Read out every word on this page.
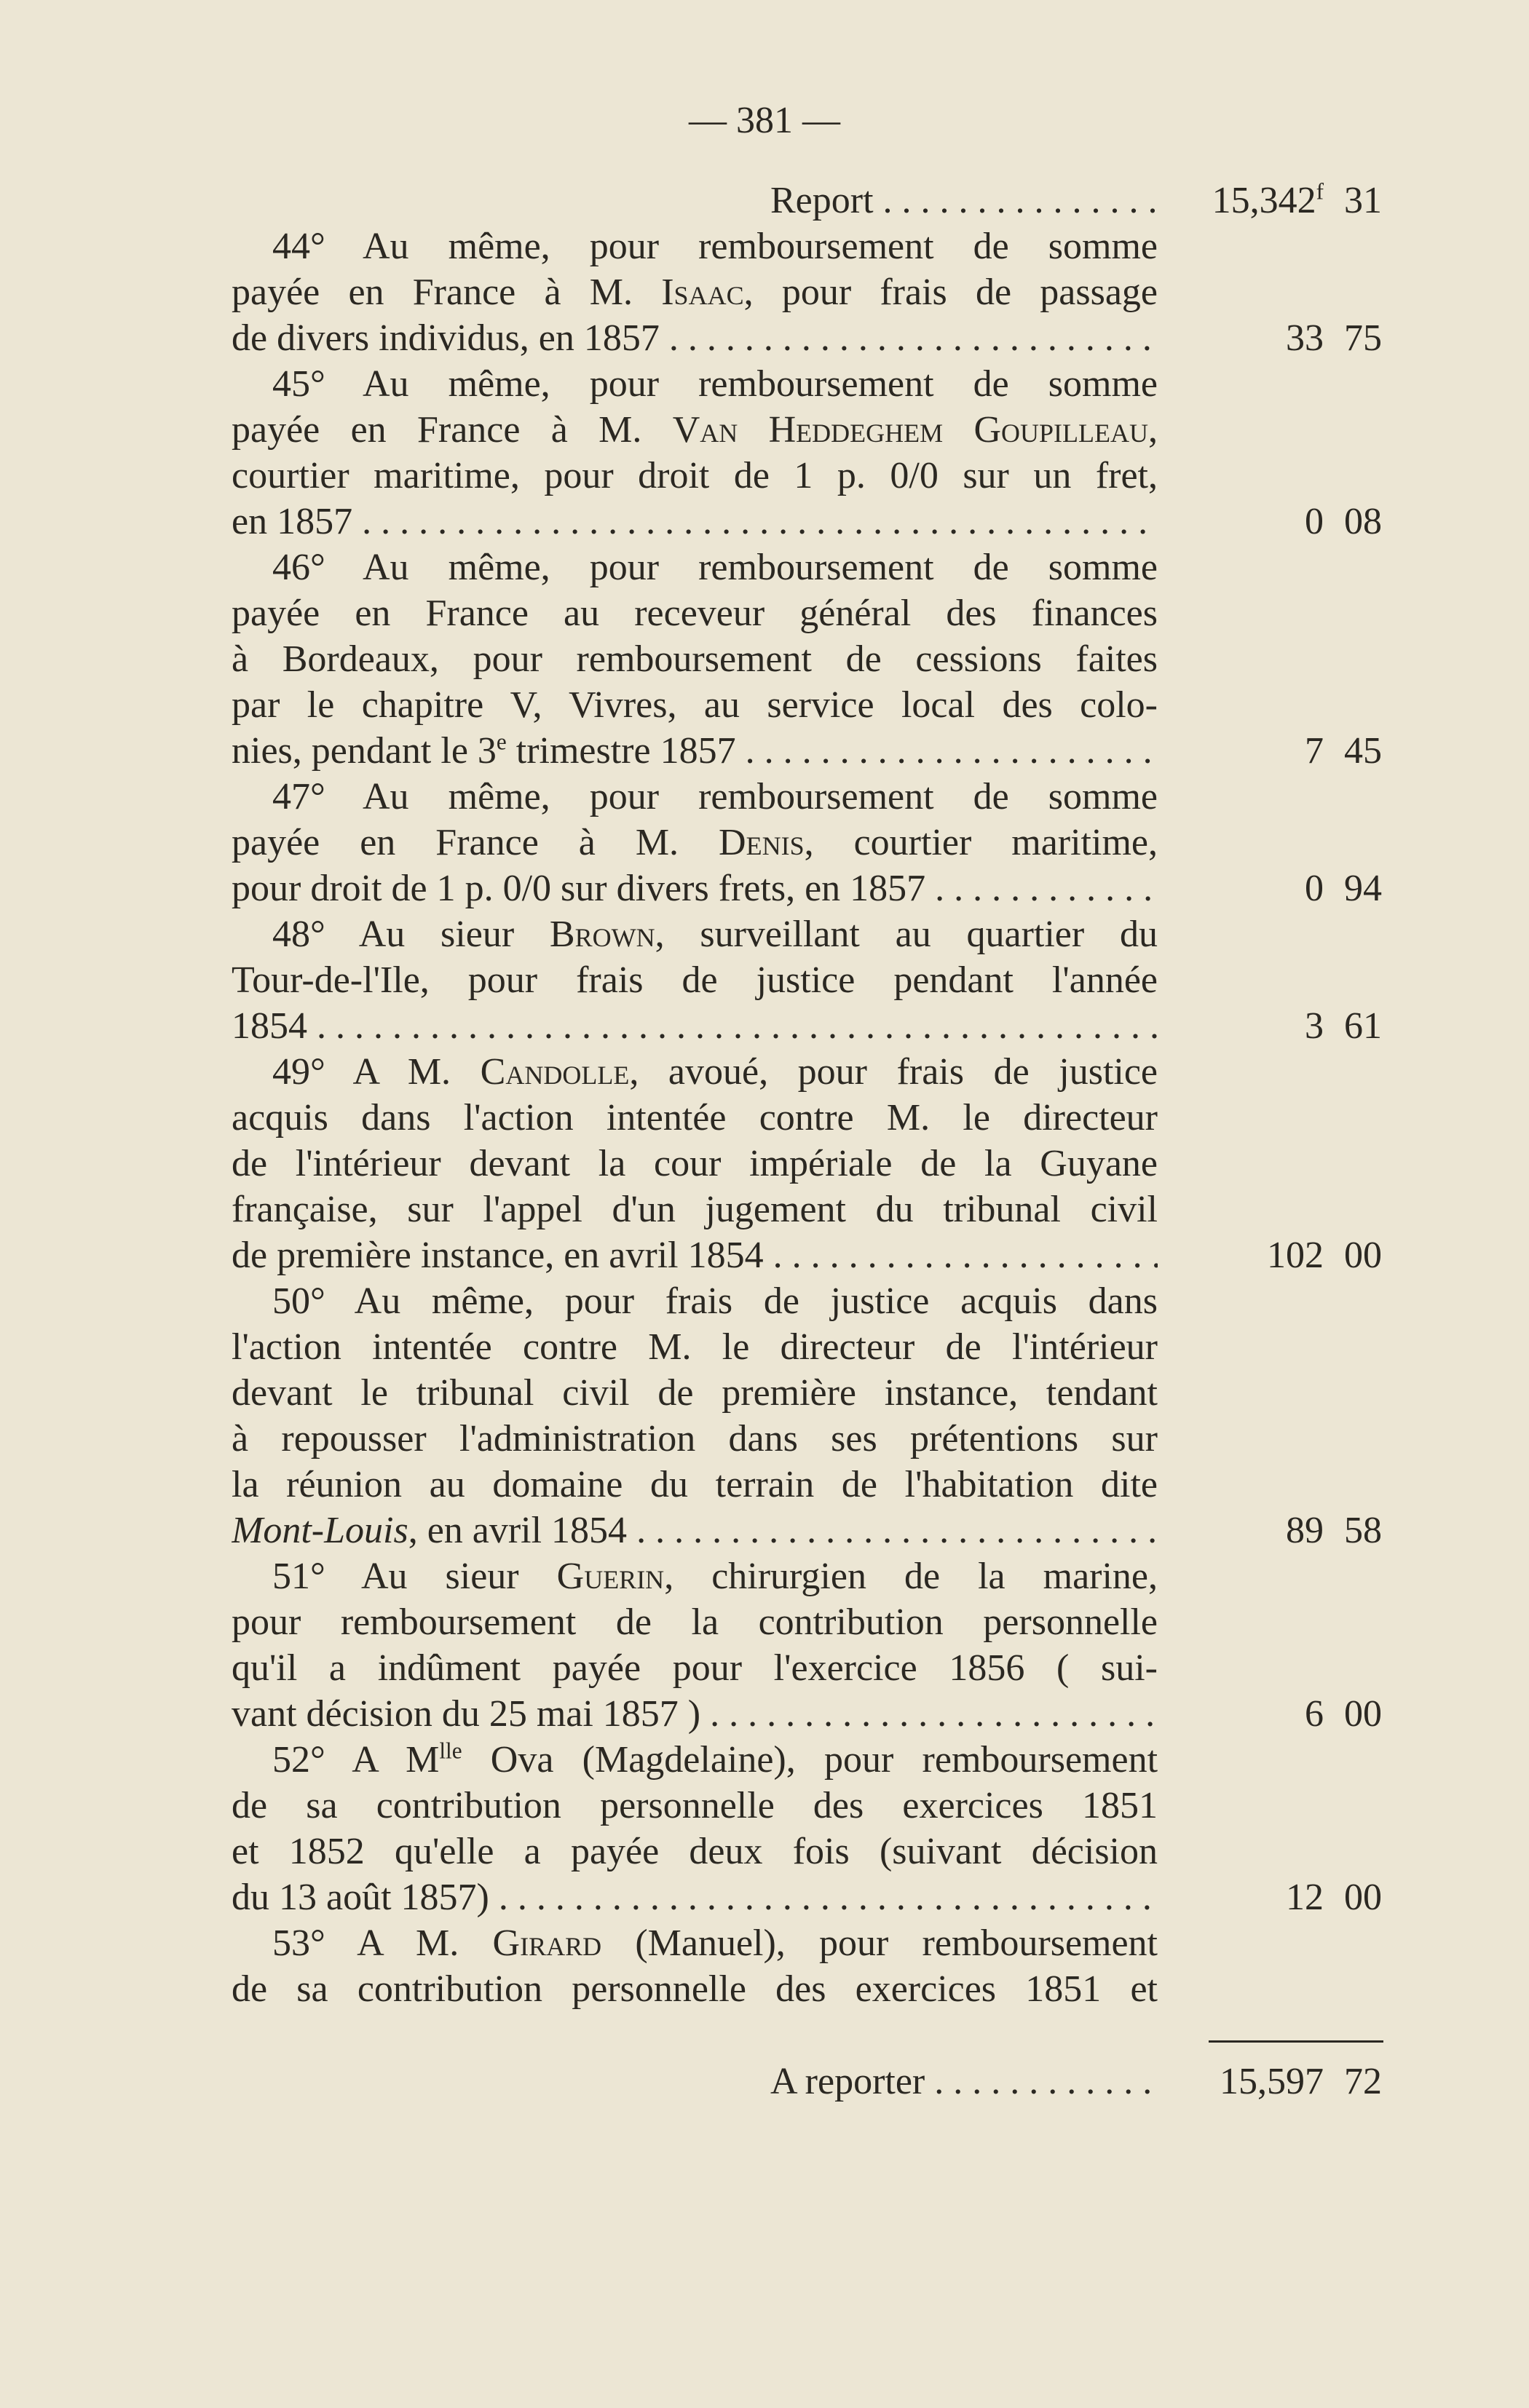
— 381 —
Report . . .	15,342$^f$ 31
44° Au même, pour remboursement de somme
payée en France à M. Isaac, pour frais de passage
de divers individus, en 1857 . . .	33 75
45° Au même, pour remboursement de somme
payée en France à M. Van Heddeghem Goupilleau,
courtier maritime, pour droit de 1 p. 0/0 sur un fret,
en 1857 . . .	0 08
46° Au même, pour remboursement de somme
payée en France au receveur général des finances
à Bordeaux, pour remboursement de cessions faites
par le chapitre V, Vivres, au service local des colo-
nies, pendant le 3e trimestre 1857 . . .	7 45
47° Au même, pour remboursement de somme
payée en France à M. Denis, courtier maritime,
pour droit de 1 p. 0/0 sur divers frets, en 1857 . . .	0 94
48° Au sieur Brown, surveillant au quartier du
Tour-de-l'Ile, pour frais de justice pendant l'année
1854 . . .	3 61
49° A M. Candolle, avoué, pour frais de justice
acquis dans l'action intentée contre M. le directeur
de l'intérieur devant la cour impériale de la Guyane
française, sur l'appel d'un jugement du tribunal civil
de première instance, en avril 1854 . . .	102 00
50° Au même, pour frais de justice acquis dans
l'action intentée contre M. le directeur de l'intérieur
devant le tribunal civil de première instance, tendant
à repousser l'administration dans ses prétentions sur
la réunion au domaine du terrain de l'habitation dite
Mont-Louis, en avril 1854 . . .	89 58
51° Au sieur Guerin, chirurgien de la marine,
pour remboursement de la contribution personnelle
qu'il a indûment payée pour l'exercice 1856 ( sui-
vant décision du 25 mai 1857 ) . . .	6 00
52° A $M^{lle}$ Ova (Magdelaine), pour remboursement
de sa contribution personnelle des exercices 1851
et 1852 qu'elle a payée deux fois (suivant décision
du 13 août 1857) . . .	12 00
53° A M. Girard (Manuel), pour remboursement
de sa contribution personnelle des exercices 1851 et
A reporter . . .	15,597 72
